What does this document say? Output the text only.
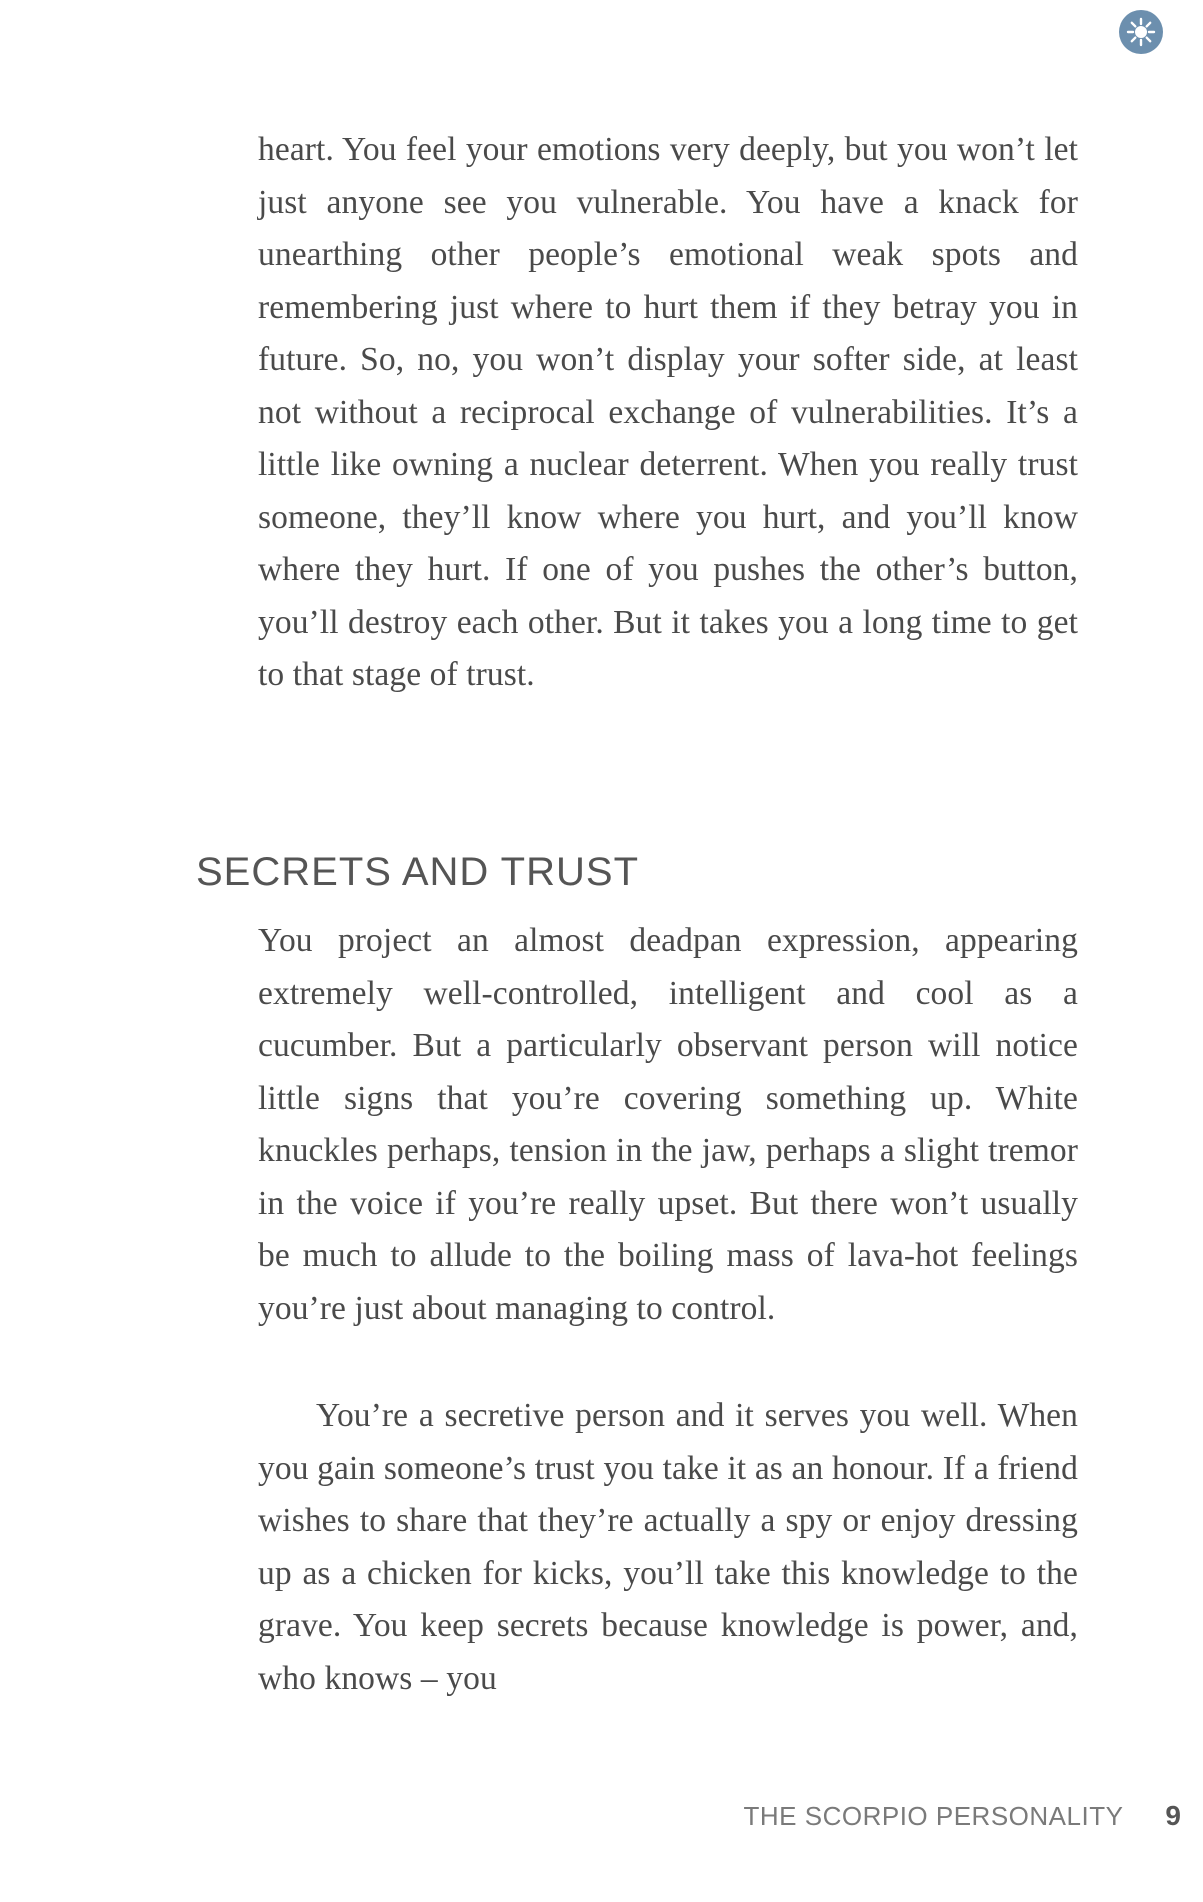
heart. You feel your emotions very deeply, but you won’t let just anyone see you vulnerable. You have a knack for unearthing other people’s emotional weak spots and remembering just where to hurt them if they betray you in future. So, no, you won’t display your softer side, at least not without a reciprocal exchange of vulnerabilities. It’s a little like owning a nuclear deterrent. When you really trust someone, they’ll know where you hurt, and you’ll know where they hurt. If one of you pushes the other’s button, you’ll destroy each other. But it takes you a long time to get to that stage of trust.

SECRETS AND TRUST

You project an almost deadpan expression, appearing extremely well-controlled, intelligent and cool as a cucumber. But a particularly observant person will notice little signs that you’re covering something up. White knuckles perhaps, tension in the jaw, perhaps a slight tremor in the voice if you’re really upset. But there won’t usually be much to allude to the boiling mass of lava-hot feelings you’re just about managing to control.

You’re a secretive person and it serves you well. When you gain someone’s trust you take it as an honour. If a friend wishes to share that they’re actually a spy or enjoy dressing up as a chicken for kicks, you’ll take this knowledge to the grave. You keep secrets because knowledge is power, and, who knows – you

THE SCORPIO PERSONALITY 9
